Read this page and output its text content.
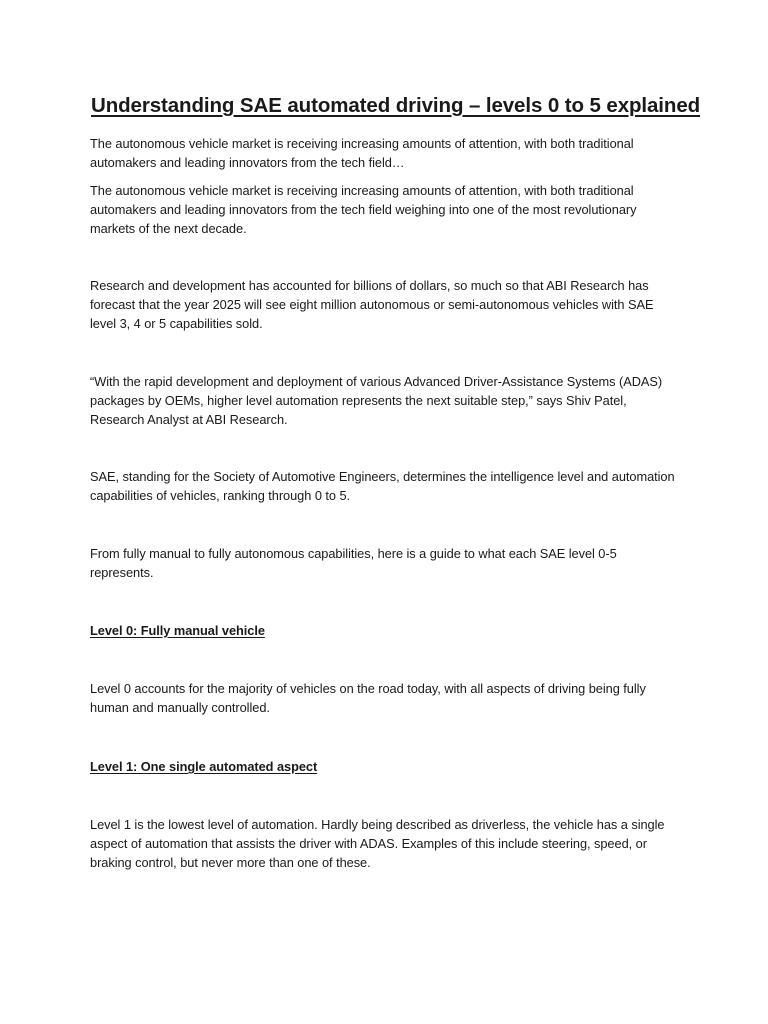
Understanding SAE automated driving – levels 0 to 5 explained

The autonomous vehicle market is receiving increasing amounts of attention, with both traditional automakers and leading innovators from the tech field…

The autonomous vehicle market is receiving increasing amounts of attention, with both traditional automakers and leading innovators from the tech field weighing into one of the most revolutionary markets of the next decade.

Research and development has accounted for billions of dollars, so much so that ABI Research has forecast that the year 2025 will see eight million autonomous or semi-autonomous vehicles with SAE level 3, 4 or 5 capabilities sold.

“With the rapid development and deployment of various Advanced Driver-Assistance Systems (ADAS) packages by OEMs, higher level automation represents the next suitable step,” says Shiv Patel, Research Analyst at ABI Research.

SAE, standing for the Society of Automotive Engineers, determines the intelligence level and automation capabilities of vehicles, ranking through 0 to 5.

From fully manual to fully autonomous capabilities, here is a guide to what each SAE level 0-5 represents.

Level 0: Fully manual vehicle

Level 0 accounts for the majority of vehicles on the road today, with all aspects of driving being fully human and manually controlled.

Level 1: One single automated aspect

Level 1 is the lowest level of automation. Hardly being described as driverless, the vehicle has a single aspect of automation that assists the driver with ADAS. Examples of this include steering, speed, or braking control, but never more than one of these.
